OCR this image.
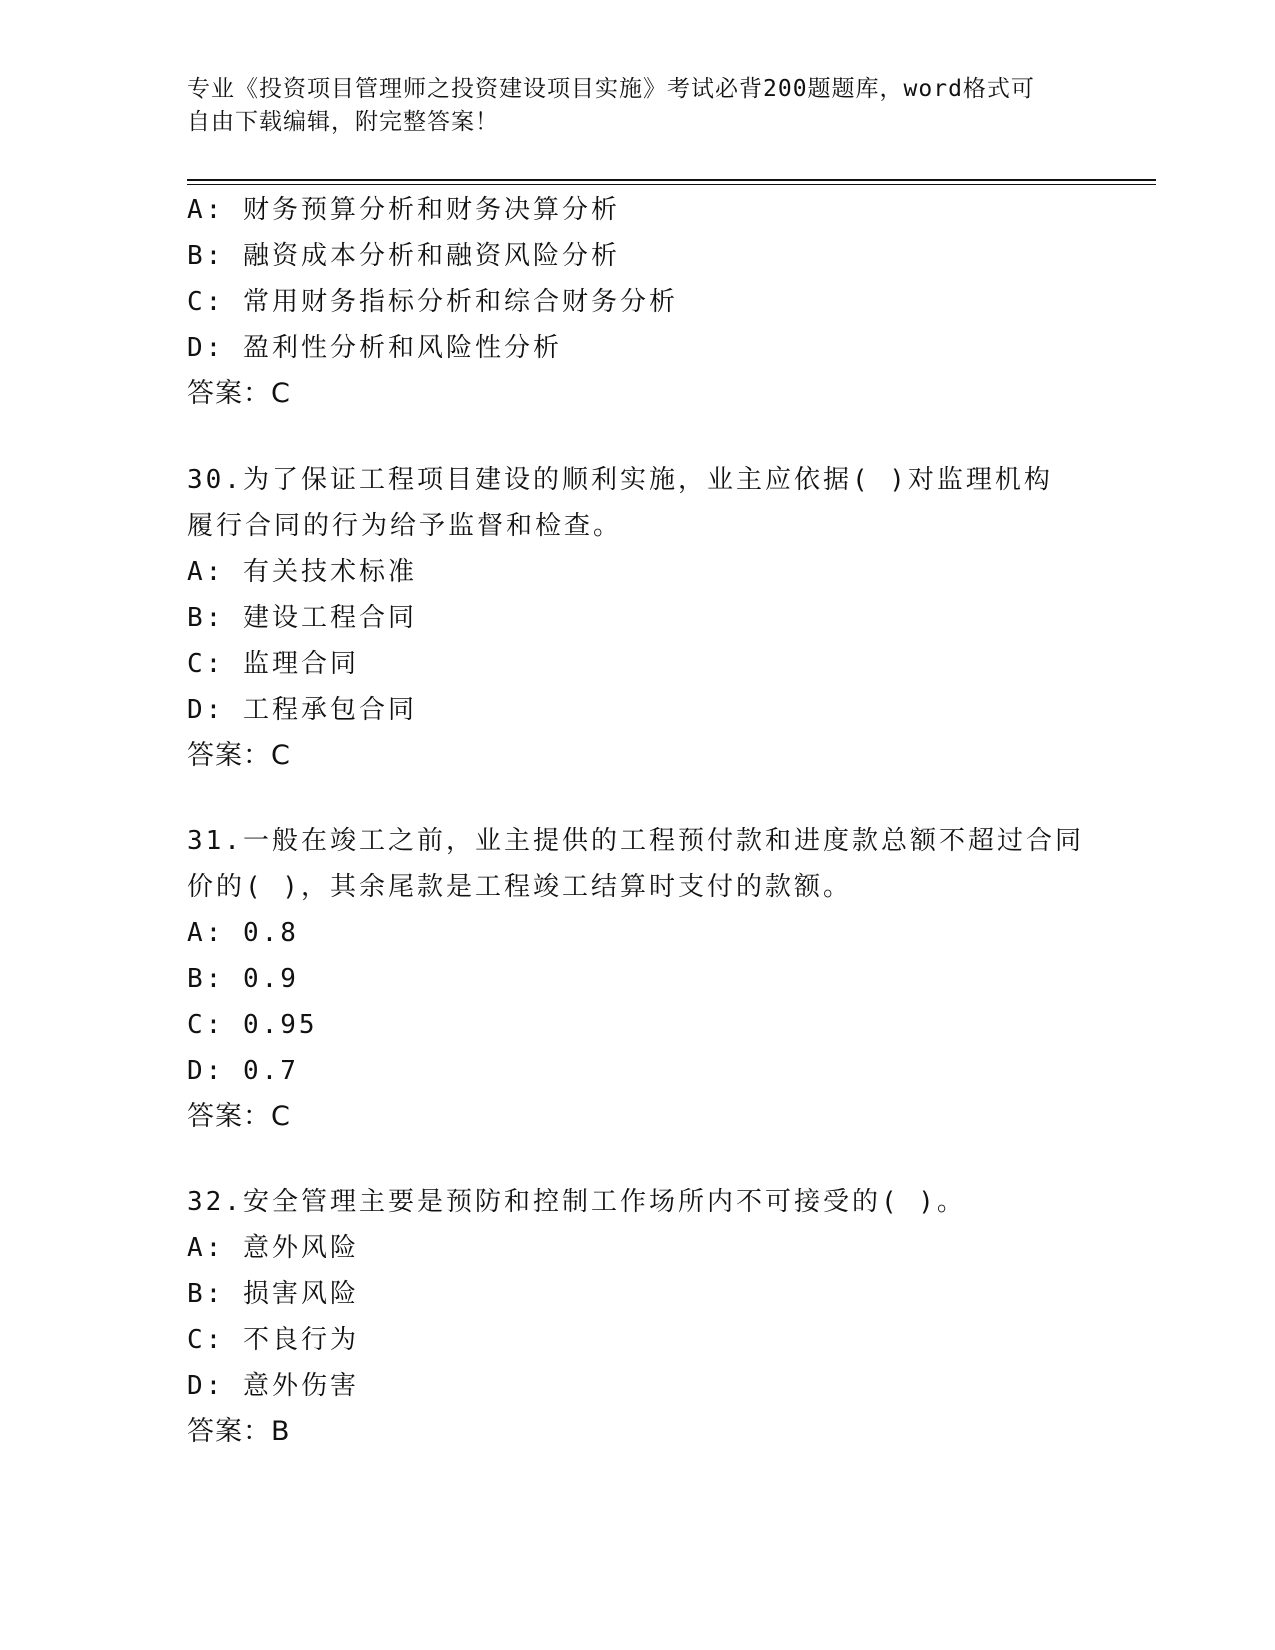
专业《投资项目管理师之投资建设项目实施》考试必背200题题库，word格式可
自由下载编辑，附完整答案！
A: 财务预算分析和财务决算分析
B: 融资成本分析和融资风险分析
C: 常用财务指标分析和综合财务分析
D: 盈利性分析和风险性分析
答案：C
30.为了保证工程项目建设的顺利实施，业主应依据( )对监理机构
履行合同的行为给予监督和检查。
A: 有关技术标准
B: 建设工程合同
C: 监理合同
D: 工程承包合同
答案：C
31.一般在竣工之前，业主提供的工程预付款和进度款总额不超过合同
价的( )，其余尾款是工程竣工结算时支付的款额。
A: 0.8
B: 0.9
C: 0.95
D: 0.7
答案：C
32.安全管理主要是预防和控制工作场所内不可接受的( )。
A: 意外风险
B: 损害风险
C: 不良行为
D: 意外伤害
答案：B
